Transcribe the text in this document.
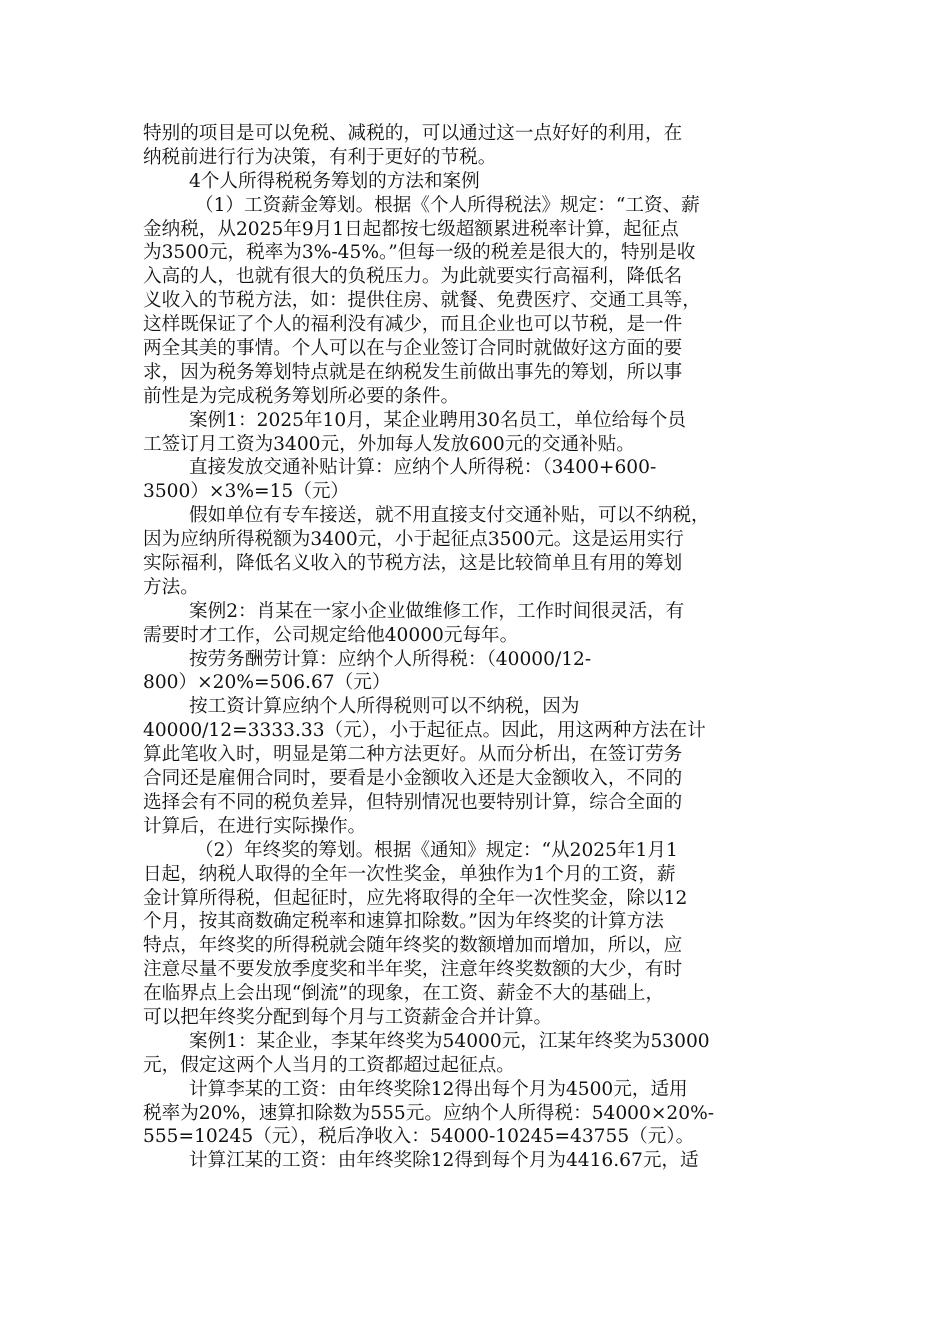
特别的项目是可以免税、减税的，可以通过这一点好好的利用，在
纳税前进行行为决策，有利于更好的节税。
4个人所得税税务筹划的方法和案例
（1）工资薪金筹划。根据《个人所得税法》规定：“工资、薪
金纳税，从2025年9月1日起都按七级超额累进税率计算，起征点
为3500元，税率为3%-45%。”但每一级的税差是很大的，特别是收
入高的人，也就有很大的负税压力。为此就要实行高福利，降低名
义收入的节税方法，如：提供住房、就餐、免费医疗、交通工具等，
这样既保证了个人的福利没有减少，而且企业也可以节税，是一件
两全其美的事情。个人可以在与企业签订合同时就做好这方面的要
求，因为税务筹划特点就是在纳税发生前做出事先的筹划，所以事
前性是为完成税务筹划所必要的条件。
案例1：2025年10月，某企业聘用30名员工，单位给每个员
工签订月工资为3400元，外加每人发放600元的交通补贴。
直接发放交通补贴计算：应纳个人所得税：（3400+600-
3500）×3%=15（元）
假如单位有专车接送，就不用直接支付交通补贴，可以不纳税，
因为应纳所得税额为3400元，小于起征点3500元。这是运用实行
实际福利，降低名义收入的节税方法，这是比较简单且有用的筹划
方法。
案例2：肖某在一家小企业做维修工作，工作时间很灵活，有
需要时才工作，公司规定给他40000元每年。
按劳务酬劳计算：应纳个人所得税：（40000/12-
800）×20%=506.67（元）
按工资计算应纳个人所得税则可以不纳税，因为
40000/12=3333.33（元），小于起征点。因此，用这两种方法在计
算此笔收入时，明显是第二种方法更好。从而分析出，在签订劳务
合同还是雇佣合同时，要看是小金额收入还是大金额收入，不同的
选择会有不同的税负差异，但特别情况也要特别计算，综合全面的
计算后，在进行实际操作。
（2）年终奖的筹划。根据《通知》规定：“从2025年1月1
日起，纳税人取得的全年一次性奖金，单独作为1个月的工资，薪
金计算所得税，但起征时，应先将取得的全年一次性奖金，除以12
个月，按其商数确定税率和速算扣除数。”因为年终奖的计算方法
特点，年终奖的所得税就会随年终奖的数额增加而增加，所以，应
注意尽量不要发放季度奖和半年奖，注意年终奖数额的大少，有时
在临界点上会出现“倒流”的现象，在工资、薪金不大的基础上，
可以把年终奖分配到每个月与工资薪金合并计算。
案例1：某企业，李某年终奖为54000元，江某年终奖为53000
元，假定这两个人当月的工资都超过起征点。
计算李某的工资：由年终奖除12得出每个月为4500元，适用
税率为20%，速算扣除数为555元。应纳个人所得税：54000×20%-
555=10245（元），税后净收入：54000-10245=43755（元）。
计算江某的工资：由年终奖除12得到每个月为4416.67元，适
